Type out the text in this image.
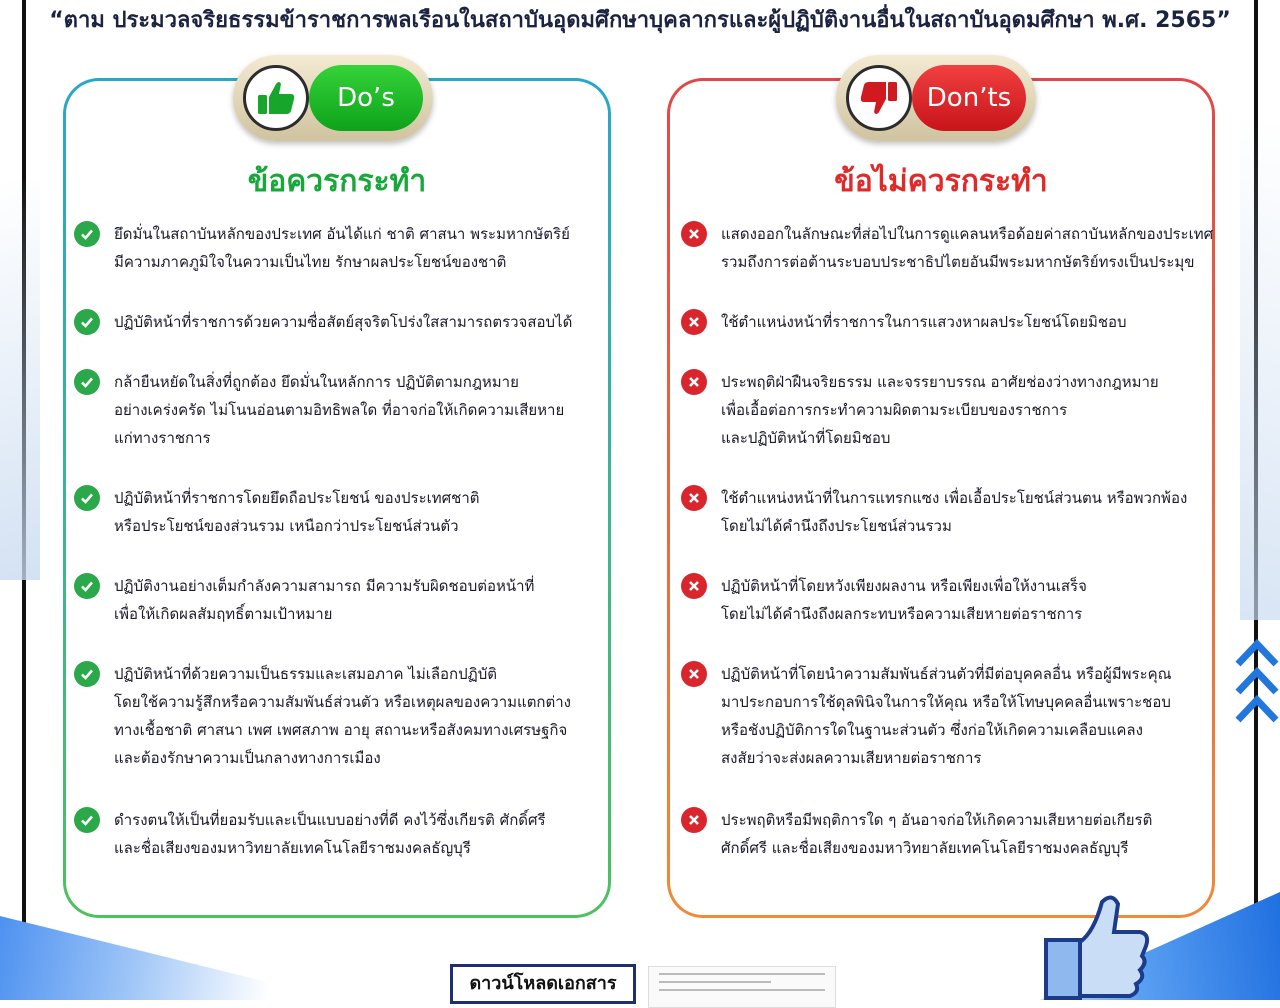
“ตาม ประมวลจริยธรรมข้าราชการพลเรือนในสถาบันอุดมศึกษาบุคลากรและผู้ปฏิบัติงานอื่นในสถาบันอุดมศึกษา พ.ศ. 2565”
Do’s
ข้อควรกระทำ
Don’ts
ข้อไม่ควรกระทำ
ยึดมั่นในสถาบันหลักของประเทศ อันได้แก่ ชาติ ศาสนา พระมหากษัตริย์
มีความภาคภูมิใจในความเป็นไทย รักษาผลประโยชน์ของชาติ
ปฏิบัติหน้าที่ราชการด้วยความซื่อสัตย์สุจริตโปร่งใสสามารถตรวจสอบได้
กล้ายืนหยัดในสิ่งที่ถูกต้อง ยึดมั่นในหลักการ ปฏิบัติตามกฎหมาย
อย่างเคร่งครัด ไม่โนนอ่อนตามอิทธิพลใด ที่อาจก่อให้เกิดความเสียหาย
แก่ทางราชการ
ปฏิบัติหน้าที่ราชการโดยยึดถือประโยชน์ ของประเทศชาติ
หรือประโยชน์ของส่วนรวม เหนือกว่าประโยชน์ส่วนตัว
ปฏิบัติงานอย่างเต็มกำลังความสามารถ มีความรับผิดชอบต่อหน้าที่
เพื่อให้เกิดผลสัมฤทธิ์ตามเป้าหมาย
ปฏิบัติหน้าที่ด้วยความเป็นธรรมและเสมอภาค ไม่เลือกปฏิบัติ
โดยใช้ความรู้สึกหรือความสัมพันธ์ส่วนตัว หรือเหตุผลของความแตกต่าง
ทางเชื้อชาติ ศาสนา เพศ เพศสภาพ อายุ สถานะหรือสังคมทางเศรษฐกิจ
และต้องรักษาความเป็นกลางทางการเมือง
ดำรงตนให้เป็นที่ยอมรับและเป็นแบบอย่างที่ดี คงไว้ซึ่งเกียรติ ศักดิ์ศรี
และชื่อเสียงของมหาวิทยาลัยเทคโนโลยีราชมงคลธัญบุรี
แสดงออกในลักษณะที่ส่อไปในการดูแคลนหรือด้อยค่าสถาบันหลักของประเทศ
รวมถึงการต่อต้านระบอบประชาธิปไตยอันมีพระมหากษัตริย์ทรงเป็นประมุข
ใช้ตำแหน่งหน้าที่ราชการในการแสวงหาผลประโยชน์โดยมิชอบ
ประพฤติฝ่าฝืนจริยธรรม และจรรยาบรรณ อาศัยช่องว่างทางกฎหมาย
เพื่อเอื้อต่อการกระทำความผิดตามระเบียบของราชการ
และปฏิบัติหน้าที่โดยมิชอบ
ใช้ตำแหน่งหน้าที่ในการแทรกแซง เพื่อเอื้อประโยชน์ส่วนตน หรือพวกพ้อง
โดยไม่ได้คำนึงถึงประโยชน์ส่วนรวม
ปฏิบัติหน้าที่โดยหวังเพียงผลงาน หรือเพียงเพื่อให้งานเสร็จ
โดยไม่ได้คำนึงถึงผลกระทบหรือความเสียหายต่อราชการ
ปฏิบัติหน้าที่โดยนำความสัมพันธ์ส่วนตัวที่มีต่อบุคคลอื่น หรือผู้มีพระคุณ
มาประกอบการใช้ดุลพินิจในการให้คุณ หรือให้โทษบุคคลอื่นเพราะชอบ
หรือชังปฏิบัติการใดในฐานะส่วนตัว ซึ่งก่อให้เกิดความเคลือบแคลง
สงสัยว่าจะส่งผลความเสียหายต่อราชการ
ประพฤติหรือมีพฤติการใด ๆ อันอาจก่อให้เกิดความเสียหายต่อเกียรติ
ศักดิ์ศรี และชื่อเสียงของมหาวิทยาลัยเทคโนโลยีราชมงคลธัญบุรี
ดาวน์โหลดเอกสาร
